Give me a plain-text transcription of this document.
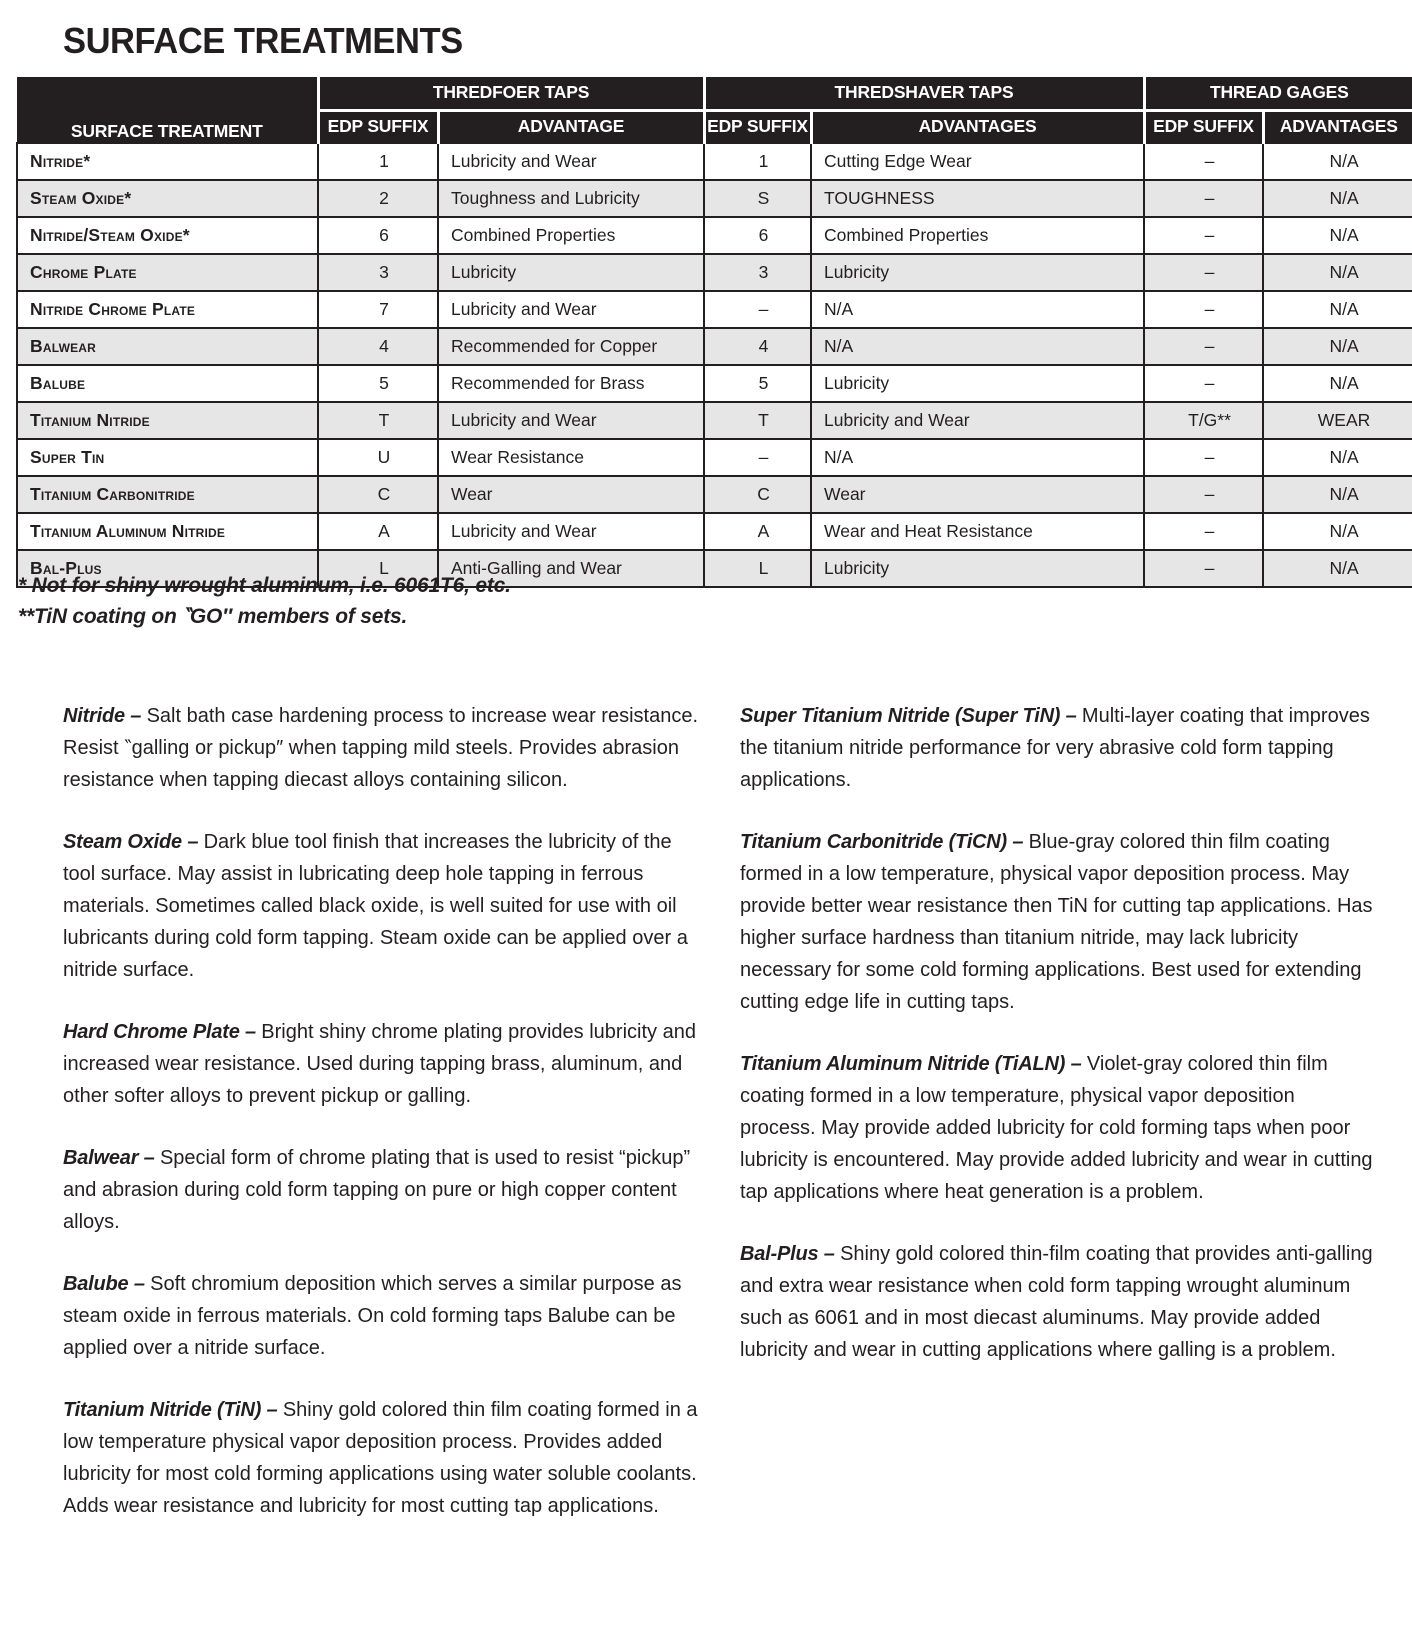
SURFACE TREATMENTS
SURFACE TREATMENT	THREDFOER TAPS		THREDSHAVER TAPS		THREAD GAGES	
	EDP SUFFIX	ADVANTAGE	EDP SUFFIX	ADVANTAGES	EDP SUFFIX	ADVANTAGES
Nitride*	1	Lubricity and Wear	1	Cutting Edge Wear	–	N/A
Steam Oxide*	2	Toughness and Lubricity	S	TOUGHNESS	–	N/A
Nitride/Steam Oxide*	6	Combined Properties	6	Combined Properties	–	N/A
Chrome Plate	3	Lubricity	3	Lubricity	–	N/A
Nitride Chrome Plate	7	Lubricity and Wear	–	N/A	–	N/A
Balwear	4	Recommended for Copper	4	N/A	–	N/A
Balube	5	Recommended for Brass	5	Lubricity	–	N/A
Titanium Nitride	T	Lubricity and Wear	T	Lubricity and Wear	T/G**	WEAR
Super Tin	U	Wear Resistance	–	N/A	–	N/A
Titanium Carbonitride	C	Wear	C	Wear	–	N/A
Titanium Aluminum Nitride	A	Lubricity and Wear	A	Wear and Heat Resistance	–	N/A
Bal-Plus	L	Anti-Galling and Wear	L	Lubricity	–	N/A
* Not for shiny wrought aluminum, i.e. 6061T6, etc.
**TiN coating on ‶GO″ members of sets.

Nitride – Salt bath case hardening process to increase wear resistance. Resist ‶galling or pickup″ when tapping mild steels. Provides abrasion resistance when tapping diecast alloys containing silicon.

Steam Oxide – Dark blue tool finish that increases the lubricity of the tool surface. May assist in lubricating deep hole tapping in ferrous materials. Sometimes called black oxide, is well suited for use with oil lubricants during cold form tapping. Steam oxide can be applied over a nitride surface.

Hard Chrome Plate – Bright shiny chrome plating provides lubricity and increased wear resistance. Used during tapping brass, aluminum, and other softer alloys to prevent pickup or galling.

Balwear – Special form of chrome plating that is used to resist “pickup” and abrasion during cold form tapping on pure or high copper content alloys.

Balube – Soft chromium deposition which serves a similar purpose as steam oxide in ferrous materials. On cold forming taps Balube can be applied over a nitride surface.

Titanium Nitride (TiN) – Shiny gold colored thin film coating formed in a low temperature physical vapor deposition process. Provides added lubricity for most cold forming applications using water soluble coolants. Adds wear resistance and lubricity for most cutting tap applications.

Super Titanium Nitride (Super TiN) – Multi-layer coating that improves the titanium nitride performance for very abrasive cold form tapping applications.

Titanium Carbonitride (TiCN) – Blue-gray colored thin film coating formed in a low temperature, physical vapor deposition process. May provide better wear resistance then TiN for cutting tap applications. Has higher surface hardness than titanium nitride, may lack lubricity necessary for some cold forming applications. Best used for extending cutting edge life in cutting taps.

Titanium Aluminum Nitride (TiALN) – Violet-gray colored thin film coating formed in a low temperature, physical vapor deposition process. May provide added lubricity for cold forming taps when poor lubricity is encountered. May provide added lubricity and wear in cutting tap applications where heat generation is a problem.

Bal-Plus – Shiny gold colored thin-film coating that provides anti-galling and extra wear resistance when cold form tapping wrought aluminum such as 6061 and in most diecast aluminums. May provide added lubricity and wear in cutting applications where galling is a problem.
